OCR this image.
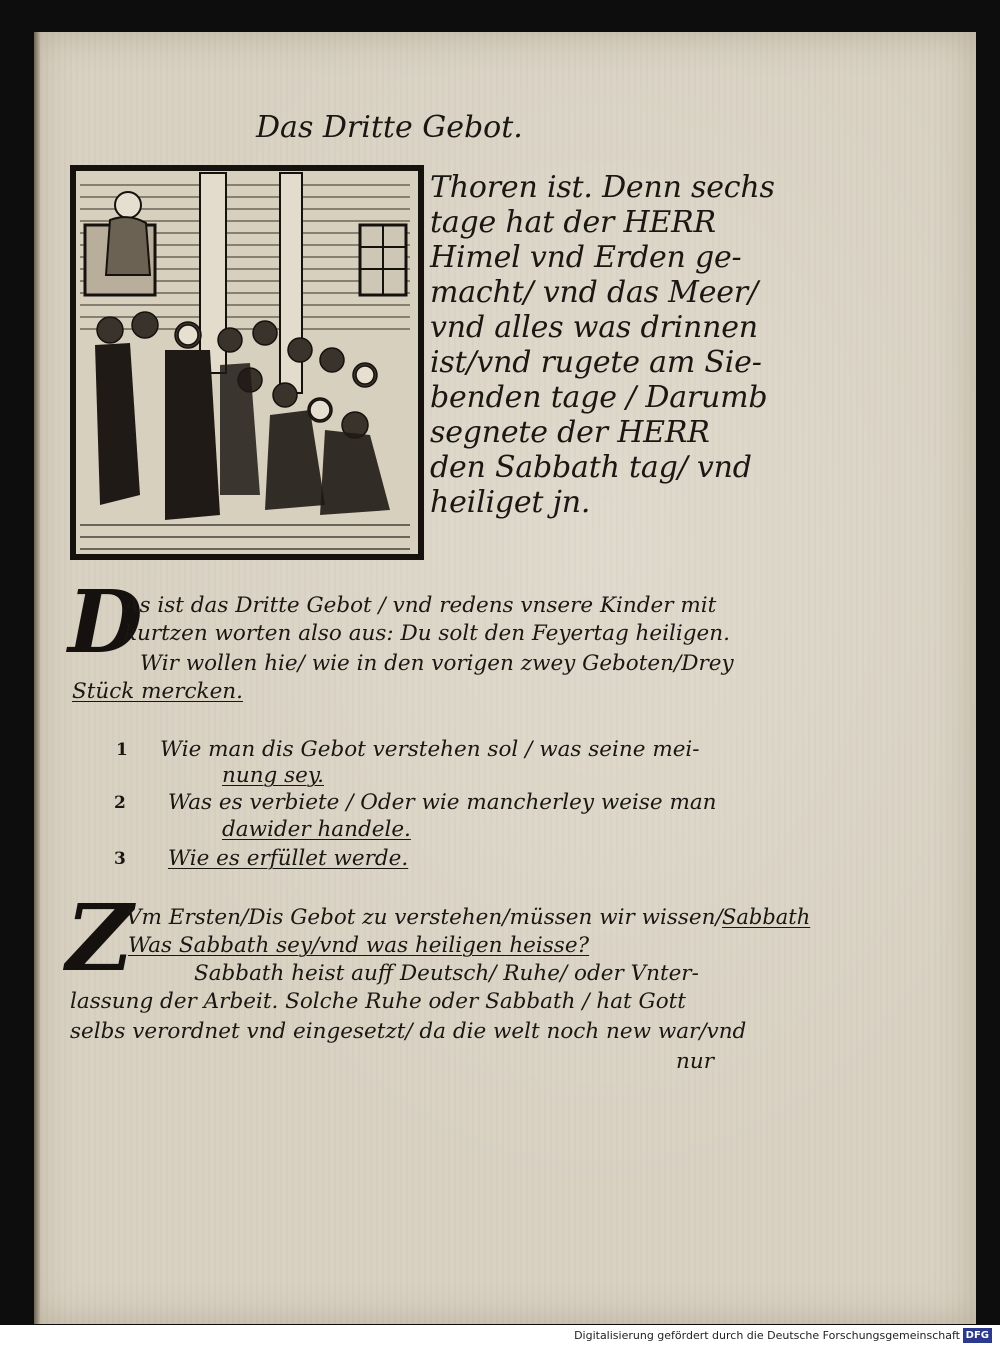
Das Dritte Gebot.
Thoren ist. Denn sechs
tage hat der HERR
Himel vnd Erden ge-
macht/ vnd das Meer/
vnd alles was drinnen
ist/vnd rugete am Sie-
benden tage / Darumb
segnete der HERR
den Sabbath tag/ vnd
heiliget jn.
D
As ist das Dritte Gebot / vnd redens vnsere Kinder mit
kurtzen worten also aus: Du solt den Feyertag heiligen.
Wir wollen hie/ wie in den vorigen zwey Geboten/Drey
Stück mercken.
1 Wie man dis Gebot verstehen sol / was seine mei-
nung sey.
2 Was es verbiete / Oder wie mancherley weise man
dawider handele.
3 Wie es erfüllet werde.
Z
Vm Ersten/Dis Gebot zu verstehen/müssen wir wissen/
Was Sabbath sey/vnd was heiligen heisse?
Sabbath heist auff Deutsch/ Ruhe/ oder Vnter-
lassung der Arbeit. Solche Ruhe oder Sabbath / hat Gott
selbs verordnet vnd eingesetzt/ da die welt noch new war/vnd
nur
Sabbath
Digitalisierung gefördert durch die Deutsche Forschungsgemeinschaft DFG
